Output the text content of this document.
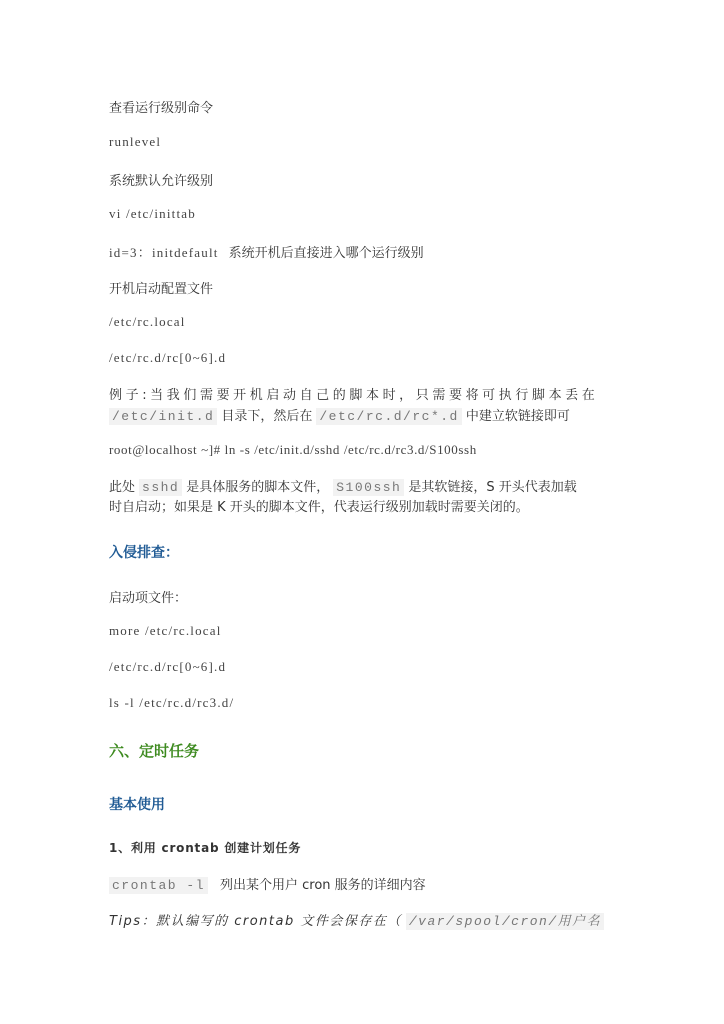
查看运行级别命令
runlevel
系统默认允许级别
vi /etc/inittab
id=3：initdefault 系统开机后直接进入哪个运行级别
开机启动配置文件
/etc/rc.local
/etc/rc.d/rc[0~6].d
例子:当我们需要开机启动自己的脚本时，只需要将可执行脚本丢在
/etc/init.d 目录下，然后在 /etc/rc.d/rc*.d 中建立软链接即可
root@localhost ~]# ln -s /etc/init.d/sshd /etc/rc.d/rc3.d/S100ssh
此处 sshd 是具体服务的脚本文件， S100ssh 是其软链接，S 开头代表加载
时自启动；如果是 K 开头的脚本文件，代表运行级别加载时需要关闭的。
入侵排查：
启动项文件：
more /etc/rc.local
/etc/rc.d/rc[0~6].d
ls -l /etc/rc.d/rc3.d/
六、定时任务
基本使用
1、利用 crontab 创建计划任务
crontab -l 列出某个用户 cron 服务的详细内容
Tips：默认编写的 crontab 文件会保存在（ /var/spool/cron/用户名
